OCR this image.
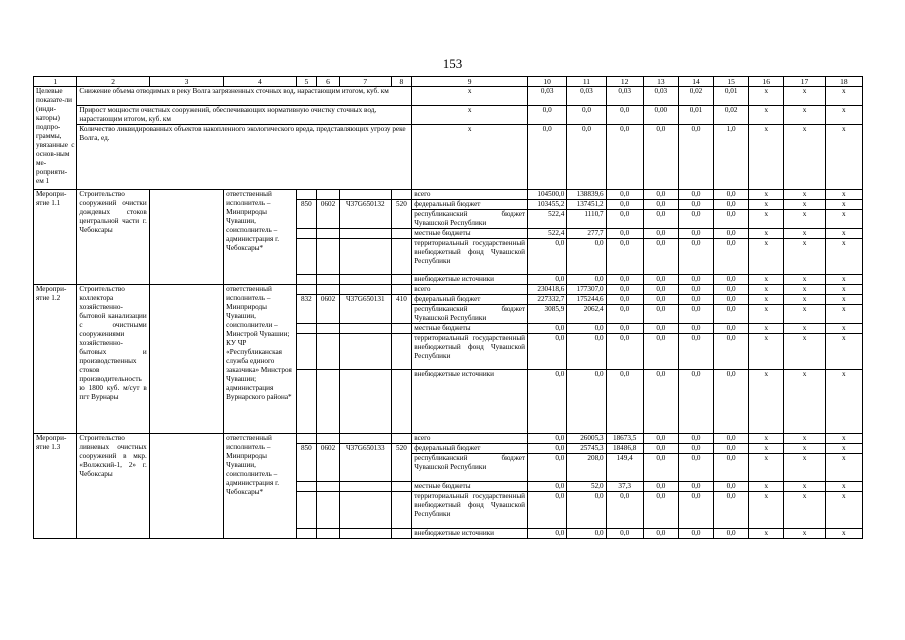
153
1	2	3	4	5	6	7	8	9	10	11	12	13	14	15	16	17	18
Целевые показате-ли (инди-каторы) подпро-граммы, увязанные с основ-ным ме-роприяти-ем 1	Снижение объема отводимых в реку Волга загрязненных сточных вод, нарастающим итогом, куб. км							x	0,03	0,03	0,03	0,03	0,02	0,01	x	x	x
	Прирост мощности очистных сооружений, обеспечивающих нормативную очистку сточных вод, нарастающим итогом, куб. км							x	0,0	0,0	0,0	0,00	0,01	0,02	x	x	x
	Количество ликвидированных объектов накопленного экологического вреда, представляющих угрозу реке Волга, ед.							x	0,0	0,0	0,0	0,0	0,0	1,0	x	x	x
Меропри-ятие 1.1	Строительство сооружений очистки дождевых стоков центральной части г. Чебоксары		ответственный исполнитель – Минприроды Чувашии, соисполнитель – администрация г. Чебоксары*					всего	104500,0	138839,6	0,0	0,0	0,0	0,0	x	x	x
				850	0602	Ч37G650132	520	федеральный бюджет	103455,2	137451,2	0,0	0,0	0,0	0,0	x	x	x
								республиканский бюджет Чувашской Республики	522,4	1110,7	0,0	0,0	0,0	0,0	x	x	x
								местные бюджеты	522,4	277,7	0,0	0,0	0,0	0,0	x	x	x
								территориальный государственный внебюджетный фонд Чувашской Республики	0,0	0,0	0,0	0,0	0,0	0,0	x	x	x
								внебюджетные источники	0,0	0,0	0,0	0,0	0,0	0,0	x	x	x
Меропри-ятие 1.2	Строительство коллектора хозяйственно-бытовой канализации с очистными сооружениями хозяйственно-бытовых и производственных стоков производительностью 1800 куб. м/сут в пгт Вурнары		ответственный исполнитель – Минприроды Чувашии, соисполнители – Минстрой Чувашии; КУ ЧР «Республиканская служба единого заказчика» Минстроя Чувашии; администрация Вурнарского района*					всего	230418,6	177307,0	0,0	0,0	0,0	0,0	x	x	x
				832	0602	Ч37G650131	410	федеральный бюджет	227332,7	175244,6	0,0	0,0	0,0	0,0	x	x	x
								республиканский бюджет Чувашской Республики	3085,9	2062,4	0,0	0,0	0,0	0,0	x	x	x
								местные бюджеты	0,0	0,0	0,0	0,0	0,0	0,0	x	x	x
								территориальный государственный внебюджетный фонд Чувашской Республики	0,0	0,0	0,0	0,0	0,0	0,0	x	x	x
								внебюджетные источники	0,0	0,0	0,0	0,0	0,0	0,0	x	x	x
Меропри-ятие 1.3	Строительство ливневых очистных сооружений в мкр. «Волжский-1, 2» г. Чебоксары		ответственный исполнитель – Минприроды Чувашии, соисполнитель – администрация г. Чебоксары*					всего	0,0	26005,3	18673,5	0,0	0,0	0,0	x	x	x
				850	0602	Ч37G650133	520	федеральный бюджет	0,0	25745,3	18486,8	0,0	0,0	0,0	x	x	x
								республиканский бюджет Чувашской Республики	0,0	208,0	149,4	0,0	0,0	0,0	x	x	x
								местные бюджеты	0,0	52,0	37,3	0,0	0,0	0,0	x	x	x
								территориальный государственный внебюджетный фонд Чувашской Республики	0,0	0,0	0,0	0,0	0,0	0,0	x	x	x
								внебюджетные источники	0,0	0,0	0,0	0,0	0,0	0,0	x	x	x
